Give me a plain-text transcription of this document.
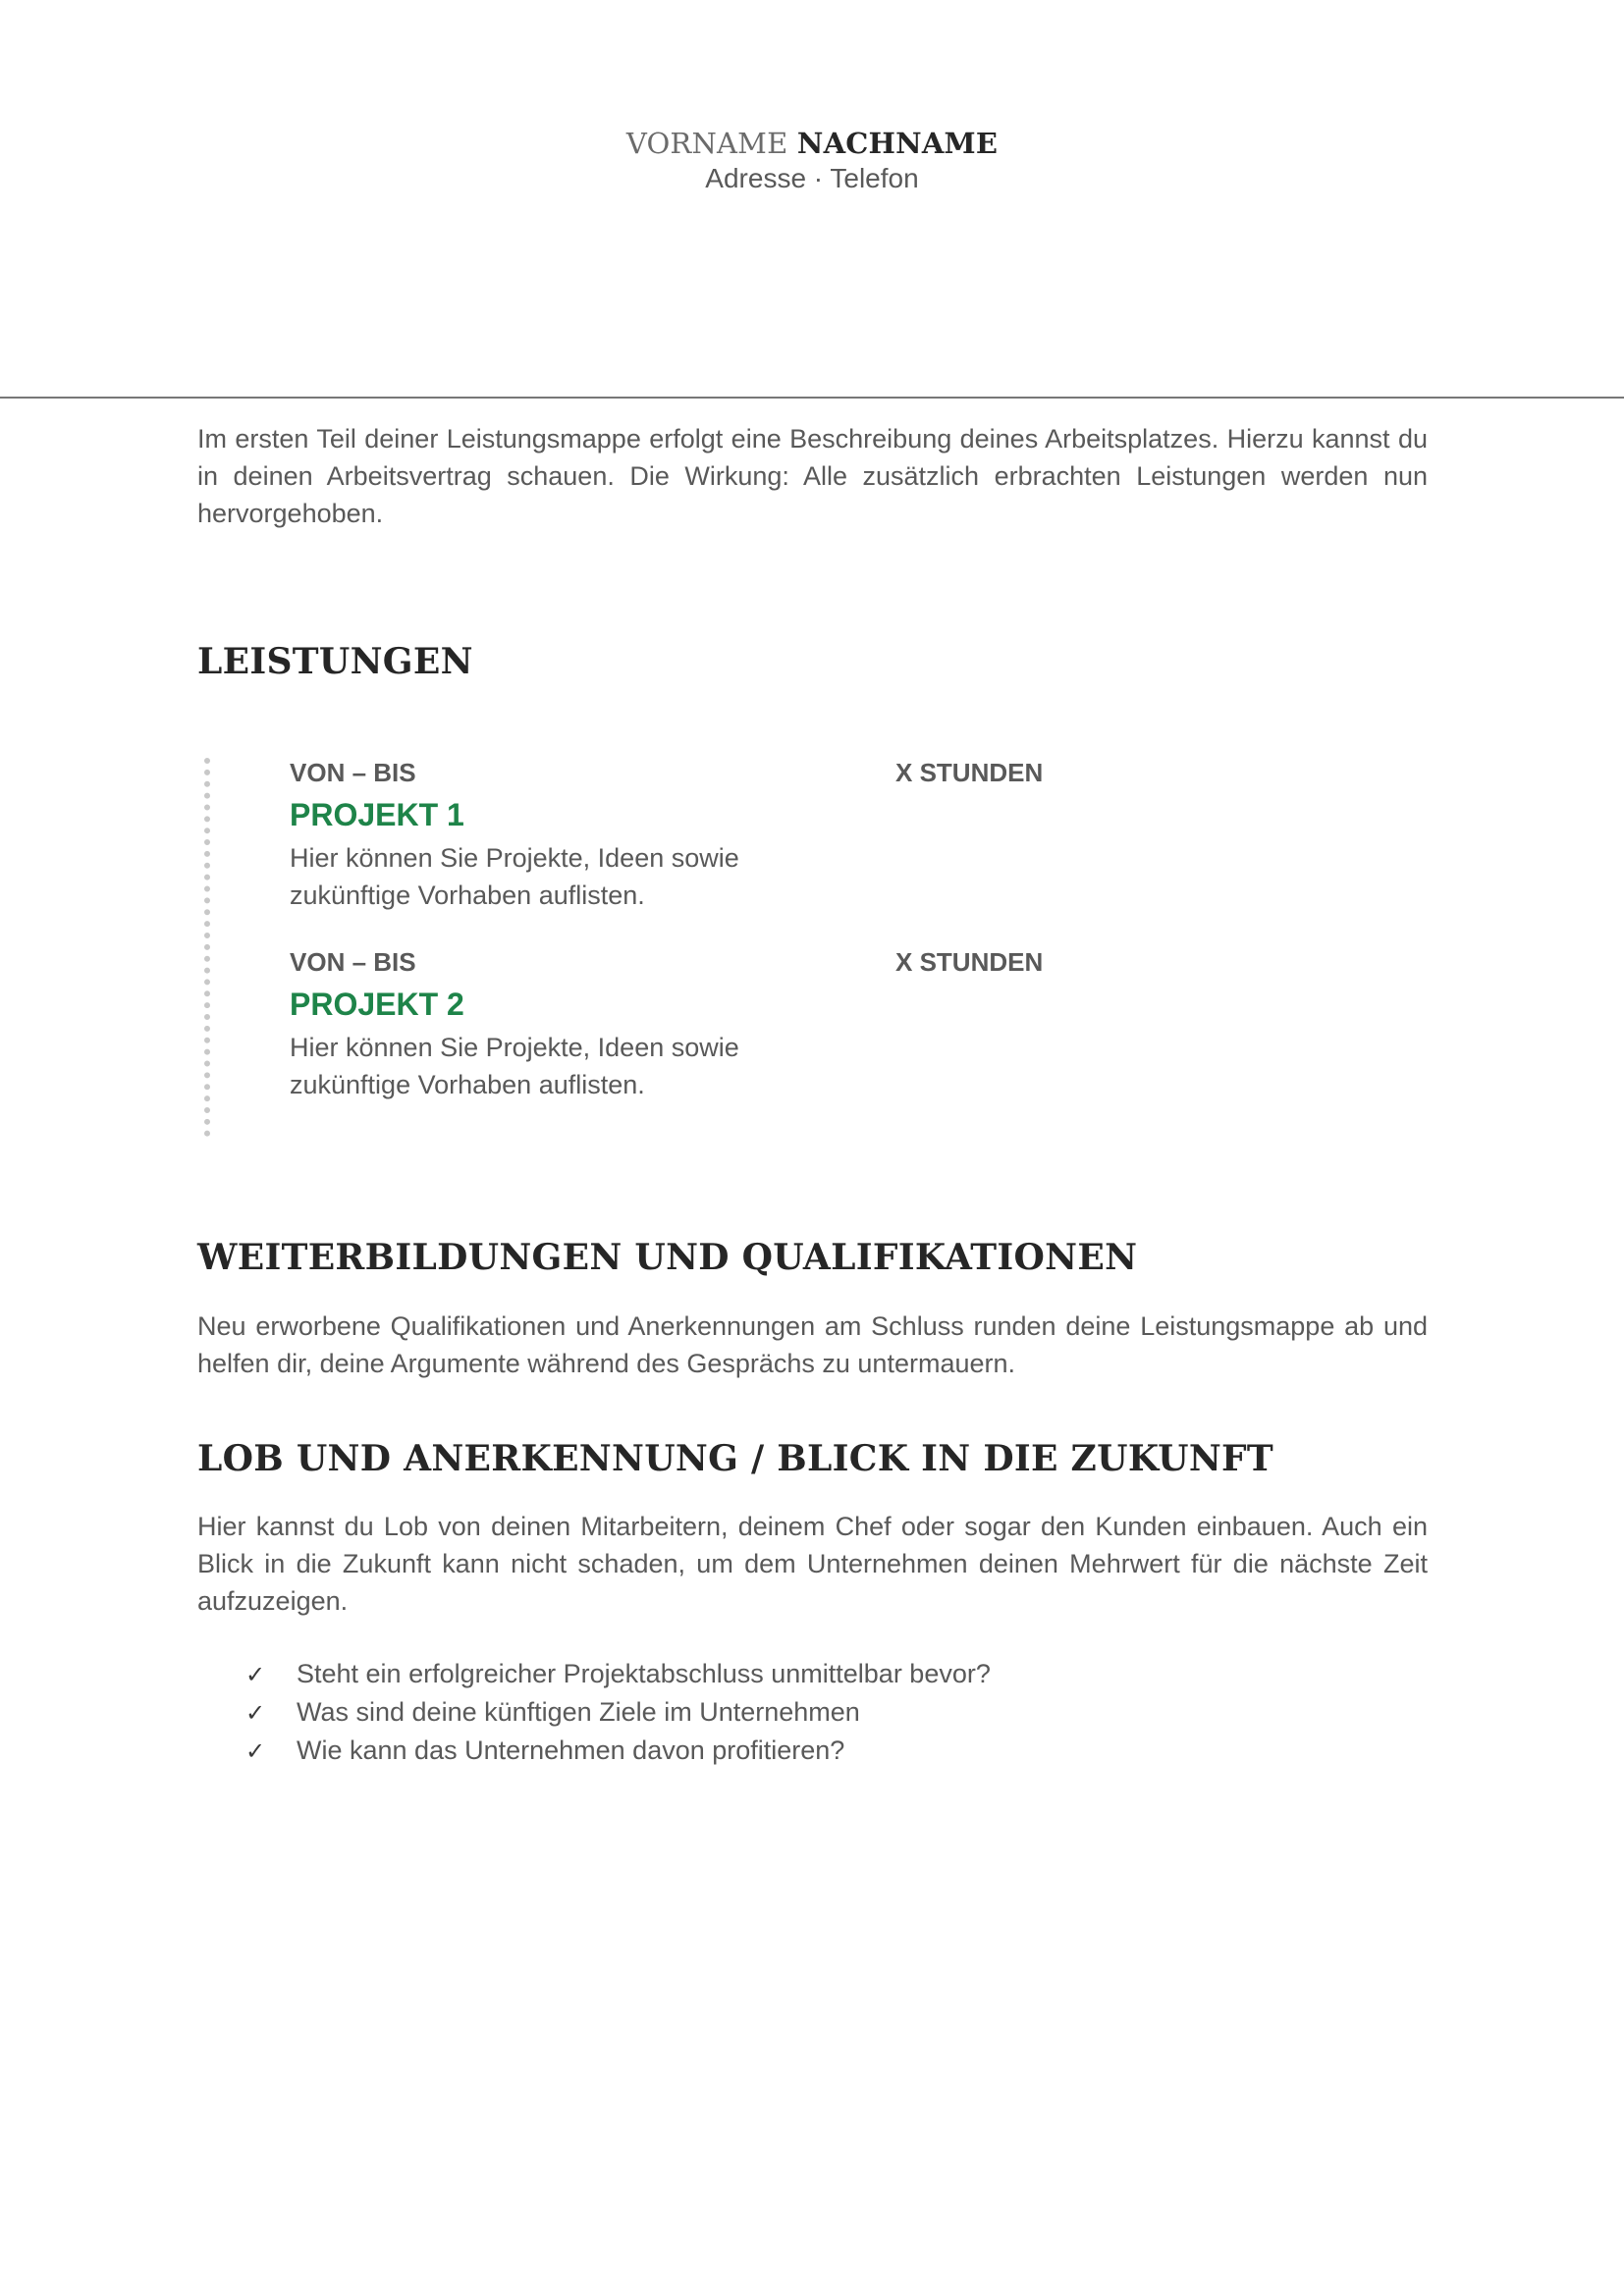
VORNAME NACHNAME
Adresse · Telefon
Im ersten Teil deiner Leistungsmappe erfolgt eine Beschreibung deines Arbeitsplatzes. Hierzu kannst du in deinen Arbeitsvertrag schauen. Die Wirkung: Alle zusätzlich erbrachten Leistungen werden nun hervorgehoben.
LEISTUNGEN
VON – BIS	X STUNDEN
PROJEKT 1
Hier können Sie Projekte, Ideen sowie zukünftige Vorhaben auflisten.
VON – BIS	X STUNDEN
PROJEKT 2
Hier können Sie Projekte, Ideen sowie zukünftige Vorhaben auflisten.
WEITERBILDUNGEN UND QUALIFIKATIONEN
Neu erworbene Qualifikationen und Anerkennungen am Schluss runden deine Leistungsmappe ab und helfen dir, deine Argumente während des Gesprächs zu untermauern.
LOB UND ANERKENNUNG / BLICK IN DIE ZUKUNFT
Hier kannst du Lob von deinen Mitarbeitern, deinem Chef oder sogar den Kunden einbauen. Auch ein Blick in die Zukunft kann nicht schaden, um dem Unternehmen deinen Mehrwert für die nächste Zeit aufzuzeigen.
✓	Steht ein erfolgreicher Projektabschluss unmittelbar bevor?
✓	Was sind deine künftigen Ziele im Unternehmen
✓	Wie kann das Unternehmen davon profitieren?
